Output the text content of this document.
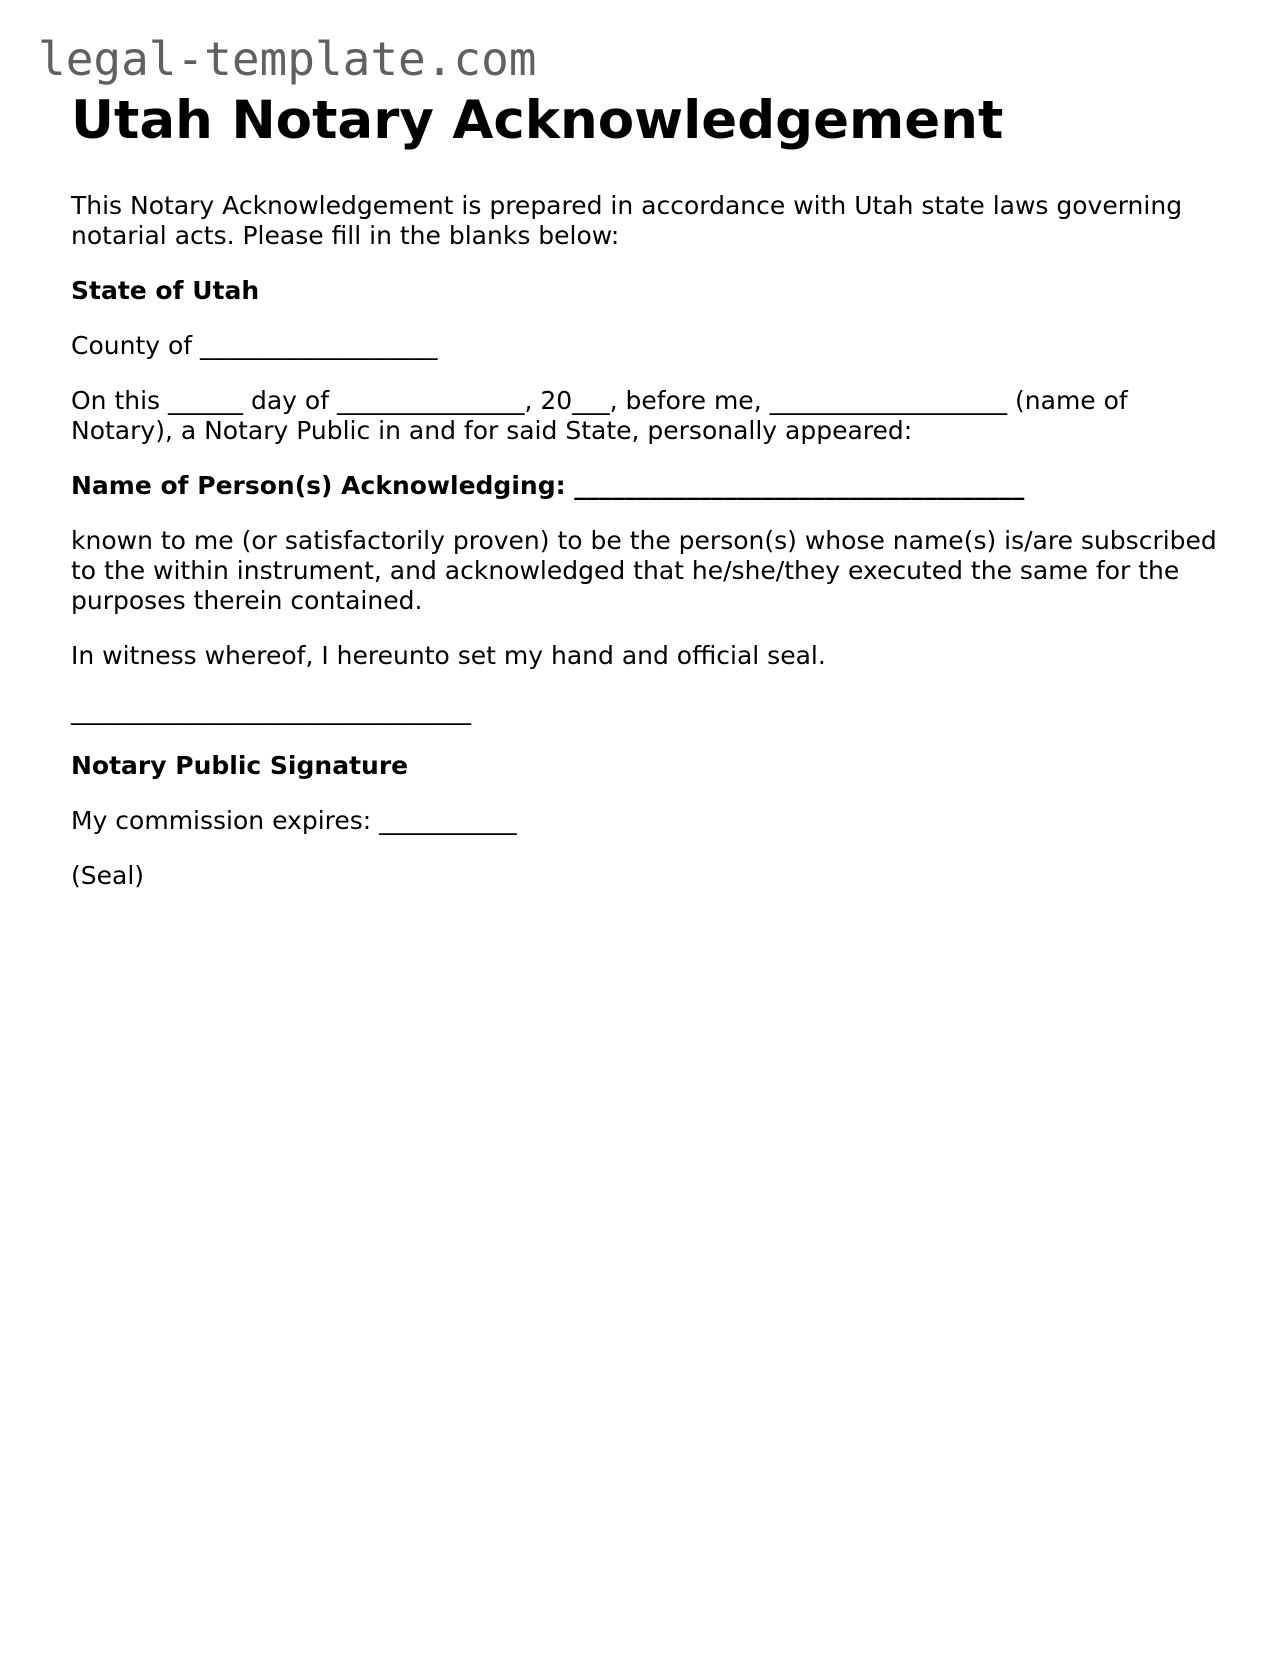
legal-template.com
Utah Notary Acknowledgement

This Notary Acknowledgement is prepared in accordance with Utah state laws governing notarial acts. Please fill in the blanks below:

State of Utah

County of ___________________

On this ______ day of _______________, 20___, before me, ___________________ (name of Notary), a Notary Public in and for said State, personally appeared:

Name of Person(s) Acknowledging: ____________________________________

known to me (or satisfactorily proven) to be the person(s) whose name(s) is/are subscribed to the within instrument, and acknowledged that he/she/they executed the same for the purposes therein contained.

In witness whereof, I hereunto set my hand and official seal.

________________________________

Notary Public Signature

My commission expires: ___________

(Seal)
